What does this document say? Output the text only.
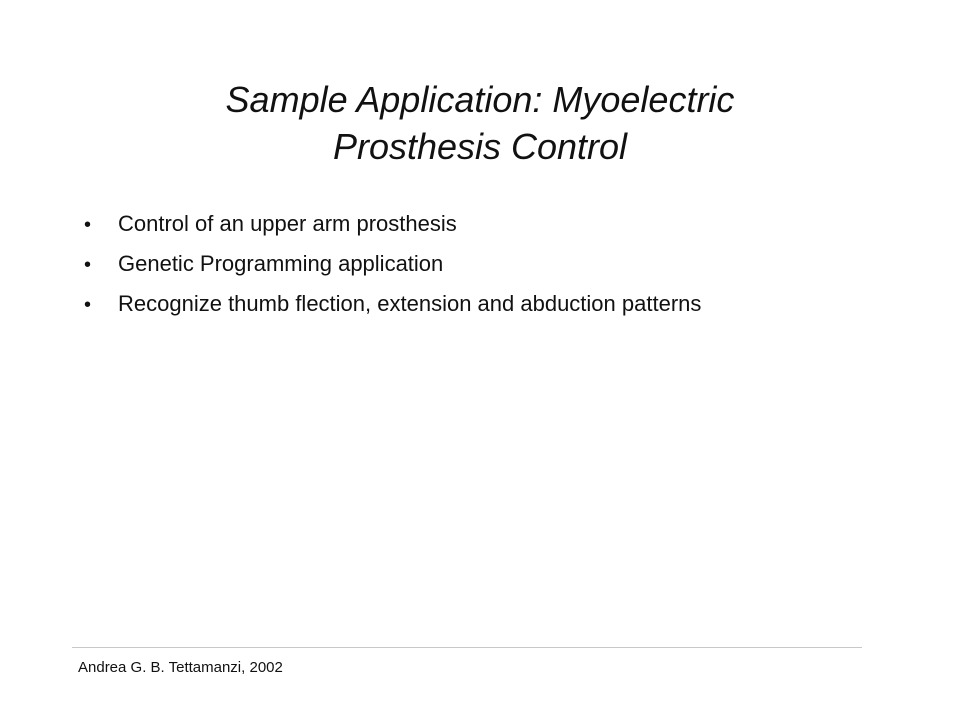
Sample Application: Myoelectric
Prosthesis Control
•	Control of an upper arm prosthesis
•	Genetic Programming application
•	Recognize thumb flection, extension and abduction patterns
Andrea G. B. Tettamanzi, 2002
